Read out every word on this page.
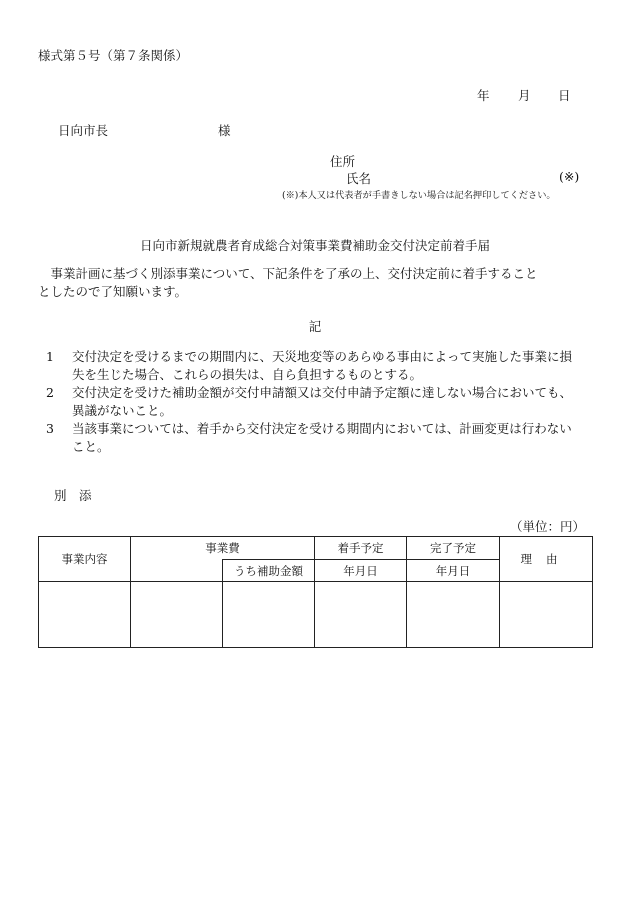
様式第５号（第７条関係）
年 月 日
日向市長	様
住所
氏名	(※)
(※)本人又は代表者が手書きしない場合は記名押印してください。
日向市新規就農者育成総合対策事業費補助金交付決定前着手届
　事業計画に基づく別添事業について、下記条件を了承の上、交付決定前に着手すること
としたので了知願います。
記
1	交付決定を受けるまでの期間内に、天災地変等のあらゆる事由によって実施した事業に損失を生じた場合、これらの損失は、自ら負担するものとする。
2	交付決定を受けた補助金額が交付申請額又は交付申請予定額に達しない場合においても、異議がないこと。
3	当該事業については、着手から交付決定を受ける期間内においては、計画変更は行わないこと。
別　添
（単位：円）
事業内容	事業費		着手予定	完了予定	理由
		うち補助金額	年月日	年月日	
